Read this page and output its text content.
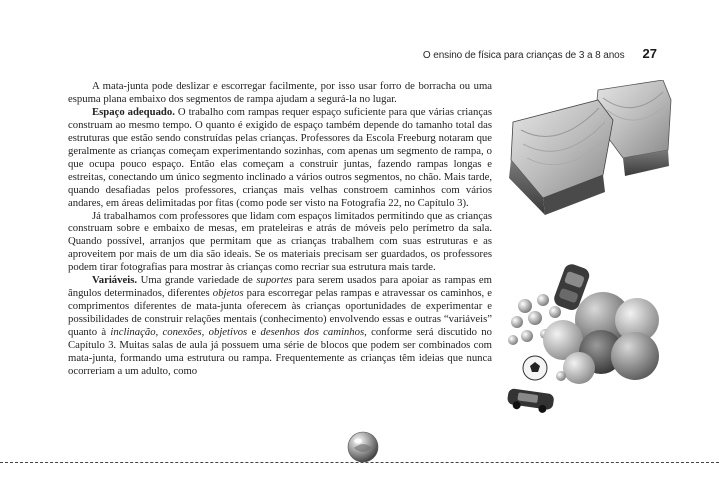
O ensino de física para crianças de 3 a 8 anos 27

A mata-junta pode deslizar e escorregar facilmente, por isso usar forro de borracha ou uma espuma plana embaixo dos segmentos de rampa ajudam a segurá-la no lugar.

Espaço adequado. O trabalho com rampas requer espaço suficiente para que várias crianças construam ao mesmo tempo. O quanto é exigido de espaço também depende do tamanho total das estruturas que estão sendo construídas pelas crianças. Professores da Escola Freeburg notaram que geralmente as crianças começam experimentando sozinhas, com apenas um segmento de rampa, o que ocupa pouco espaço. Então elas começam a construir juntas, fazendo rampas longas e estreitas, conectando um único segmento inclinado a vários outros segmentos, no chão. Mais tarde, quando desafiadas pelos professores, crianças mais velhas constroem caminhos com vários andares, em áreas delimitadas por fitas (como pode ser visto na Fotografia 22, no Capítulo 3).

Já trabalhamos com professores que lidam com espaços limitados permitindo que as crianças construam sobre e embaixo de mesas, em prateleiras e atrás de móveis pelo perímetro da sala. Quando possível, arranjos que permitam que as crianças trabalhem com suas estruturas e as aproveitem por mais de um dia são ideais. Se os materiais precisam ser guardados, os professores podem tirar fotografias para mostrar às crianças como recriar sua estrutura mais tarde.

Variáveis. Uma grande variedade de suportes para serem usados para apoiar as rampas em ângulos determinados, diferentes objetos para escorregar pelas rampas e atravessar os caminhos, e comprimentos diferentes de mata-junta oferecem às crianças oportunidades de experimentar e possibilidades de construir relações mentais (conhecimento) envolvendo essas e outras “variáveis” quanto à inclinação, conexões, objetivos e desenhos dos caminhos, conforme será discutido no Capítulo 3. Muitas salas de aula já possuem uma série de blocos que podem ser combinados com mata-junta, formando uma estrutura ou rampa. Frequentemente as crianças têm ideias que nunca ocorreriam a um adulto, como
